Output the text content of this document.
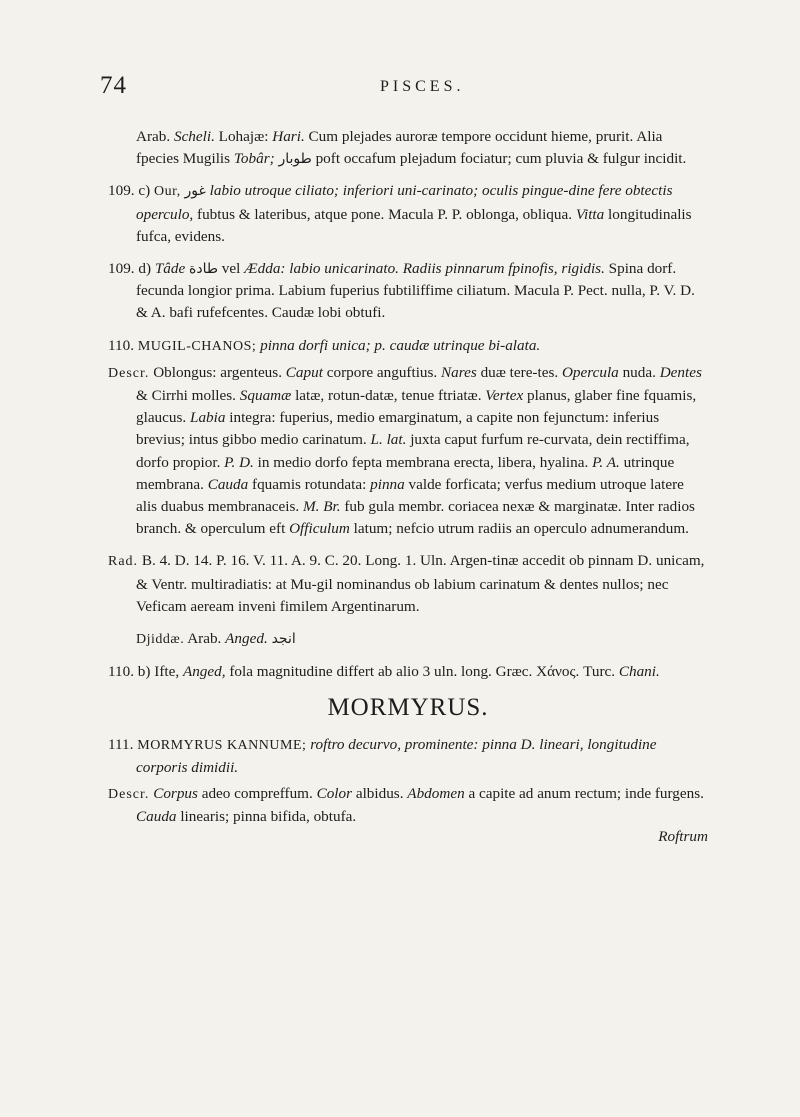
74	PISCES.

Arab. Scheli. Lohajæ: Hari. Cum plejades auroræ tempore occidunt hieme, prurit. Alia fpecies Mugilis Tobâr; طوبار poft occafum plejadum fociatur; cum pluvia & fulgur incidit.

109. c) Our, غور labio utroque ciliato; inferiori uni-carinato; oculis pingue-dine fere obtectis operculo, fubtus & lateribus, atque pone. Macula P. P. oblonga, obliqua. Vitta longitudinalis fufca, evidens.

109. d) Tâde طادة vel Ædda: labio unicarinato. Radiis pinnarum fpinofis, rigidis. Spina dorf. fecunda longior prima. Labium fuperius fubtiliffime ciliatum. Macula P. Pect. nulla, P. V. D. & A. bafi rufefcentes. Caudæ lobi obtufi.

110. MUGIL-CHANOS; pinna dorfi unica; p. caudæ utrinque bi-alata.

Descr. Oblongus: argenteus. Caput corpore anguftius. Nares duæ tere-tes. Opercula nuda. Dentes & Cirrhi molles. Squamæ latæ, rotun-datæ, tenue ftriatæ. Vertex planus, glaber fine fquamis, glaucus. Labia integra: fuperius, medio emarginatum, a capite non fejunctum: inferius brevius; intus gibbo medio carinatum. L. lat. juxta caput furfum re-curvata, dein rectiffima, dorfo propior. P. D. in medio dorfo fepta membrana erecta, libera, hyalina. P. A. utrinque membrana. Cauda fquamis rotundata: pinna valde forficata; verfus medium utroque latere alis duabus membranaceis. M. Br. fub gula membr. coriacea nexæ & marginatæ. Inter radios branch. & operculum eft Officulum latum; nefcio utrum radiis an operculo adnumerandum.

Rad. B. 4. D. 14. P. 16. V. 11. A. 9. C. 20. Long. 1. Uln. Argen-tinæ accedit ob pinnam D. unicam, & Ventr. multiradiatis: at Mu-gil nominandus ob labium carinatum & dentes nullos; nec Veficam aeream inveni fimilem Argentinarum.

Djiddæ. Arab. Anged. انجد

110. b) Ifte, Anged, fola magnitudine differt ab alio 3 uln. long. Græc. Χάνος. Turc. Chani.

MORMYRUS.

111. MORMYRUS KANNUME; roftro decurvo, prominente: pinna D. lineari, longitudine corporis dimidii.

Descr. Corpus adeo compreffum. Color albidus. Abdomen a capite ad anum rectum; inde furgens. Cauda linearis; pinna bifida, obtufa.

Roftrum
